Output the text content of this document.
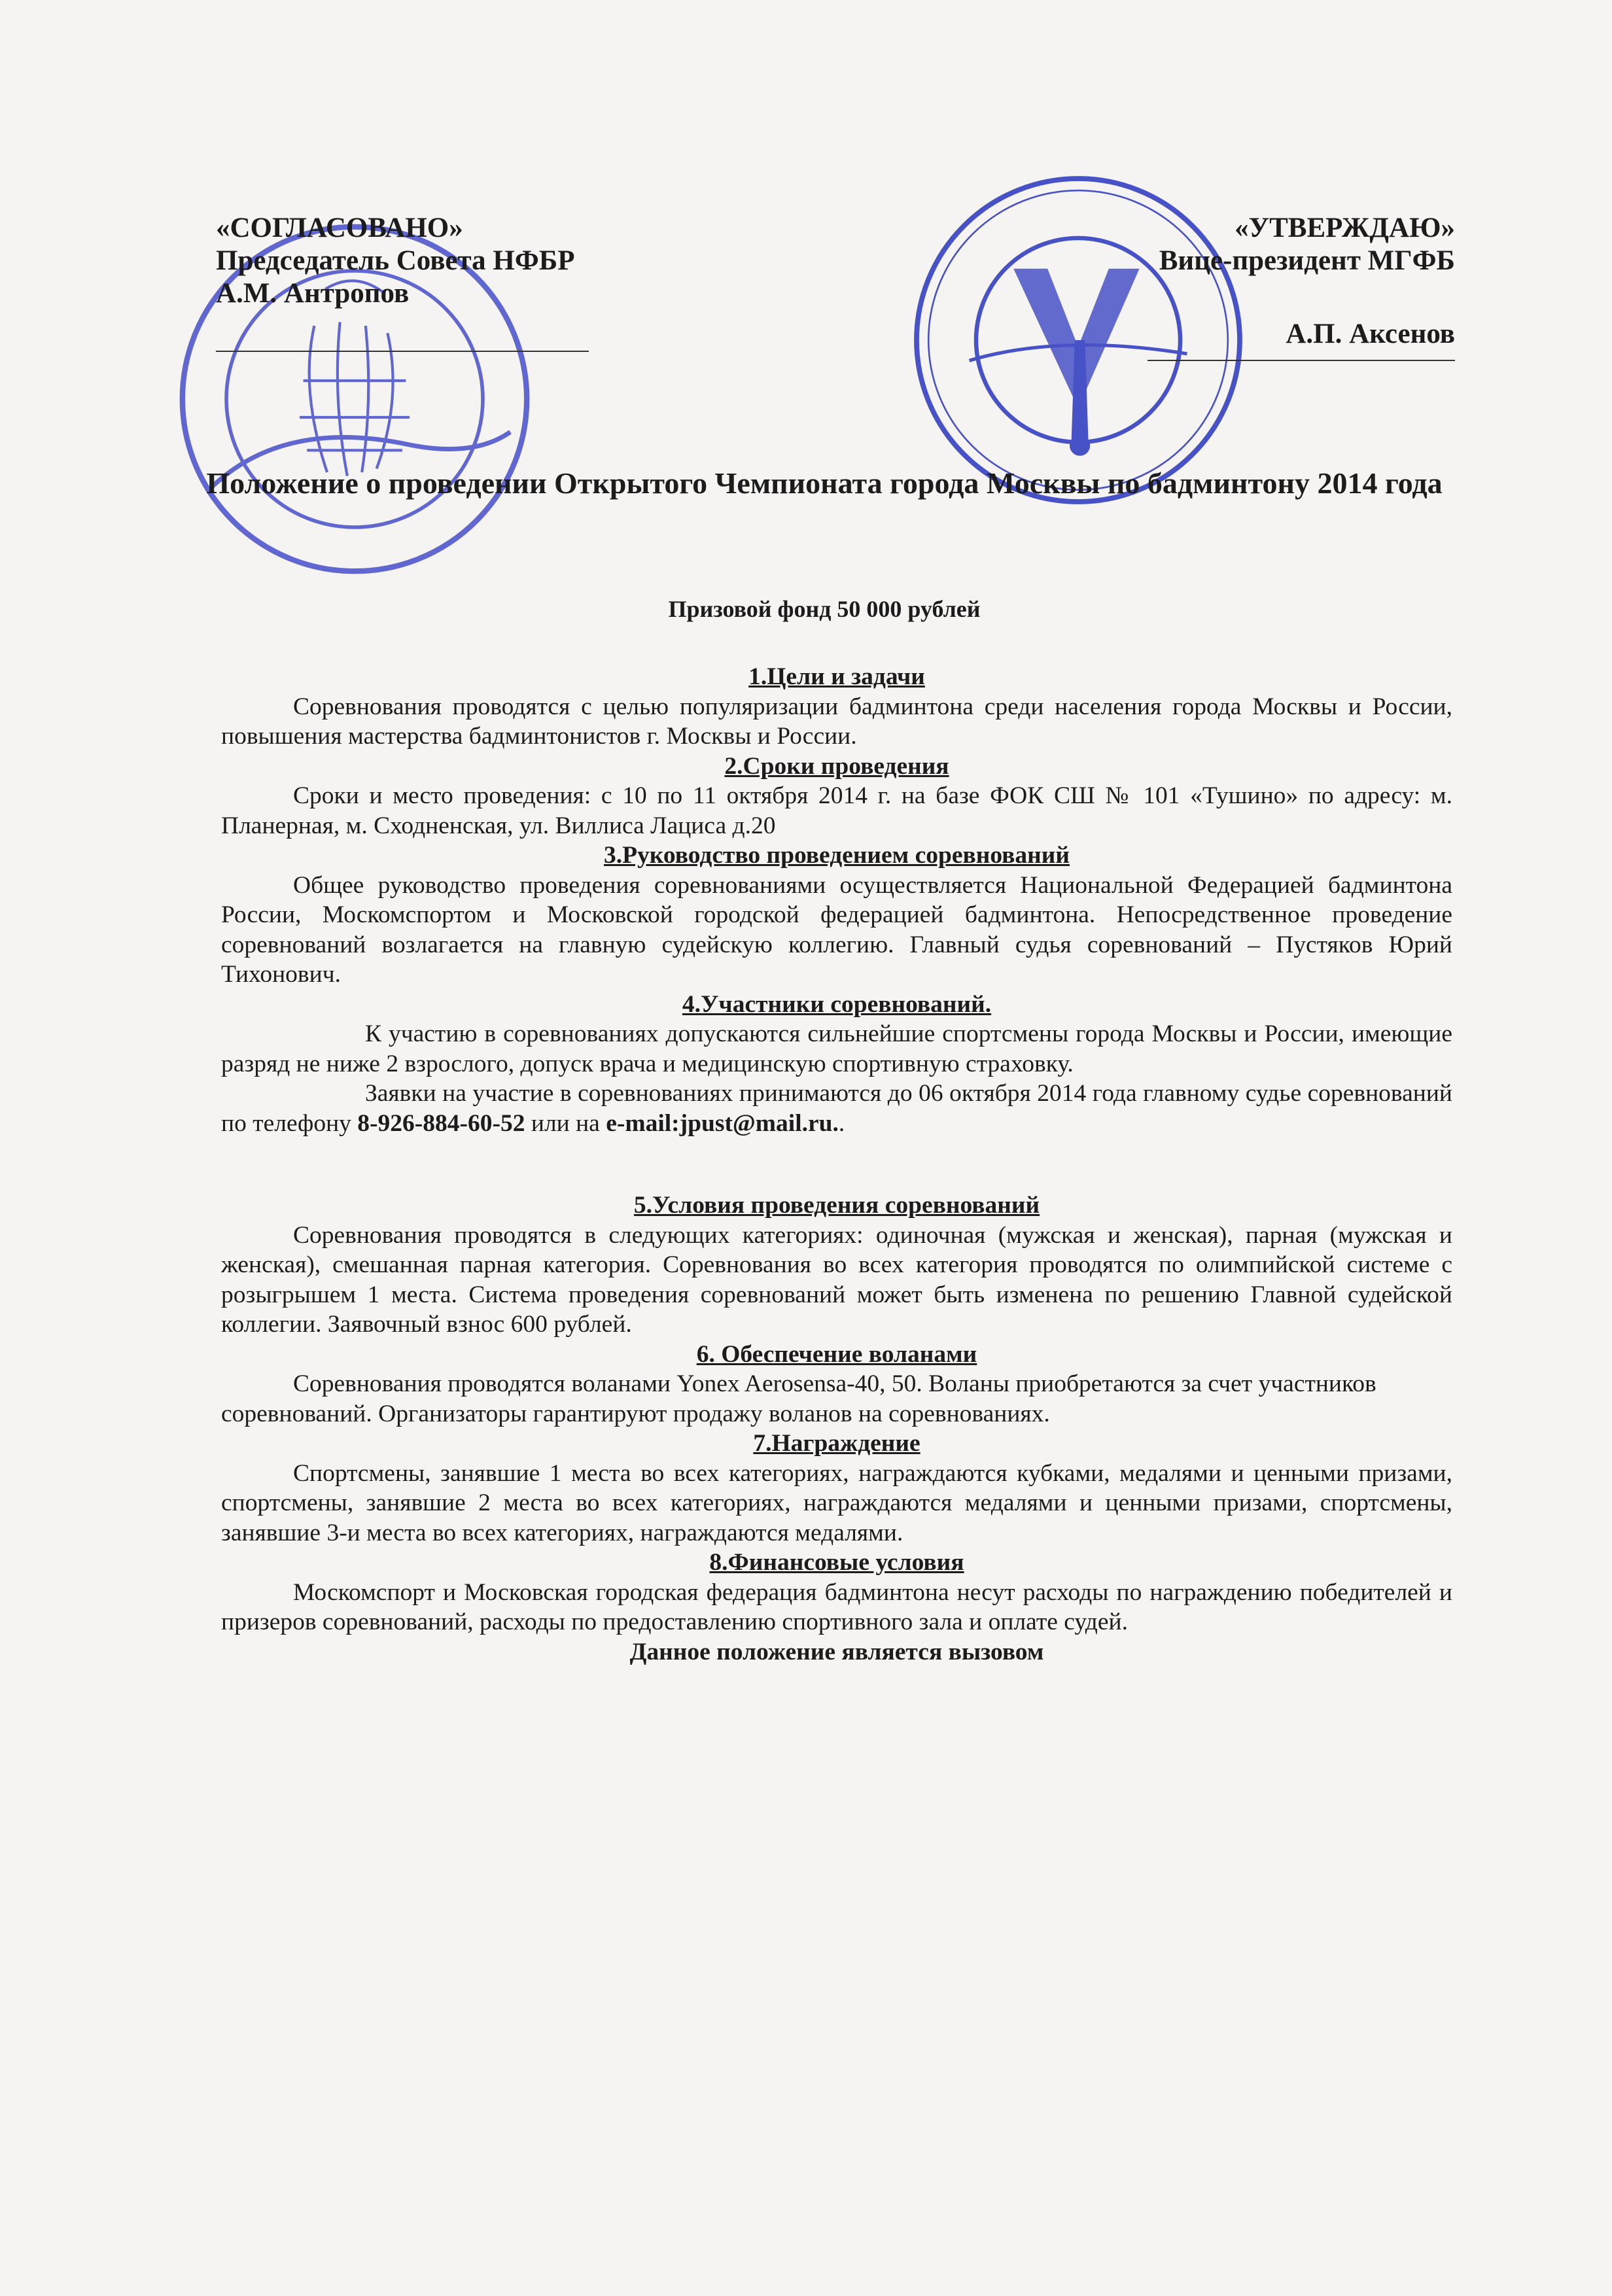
«СОГЛАСОВАНО»
Председатель Совета НФБР
А.М. Антропов
«УТВЕРЖДАЮ»
Вице-президент МГФБ
А.П. Аксенов
Положение о проведении Открытого Чемпионата города Москвы по бадминтону 2014 года
Призовой фонд 50 000 рублей

1.Цели и задачи

Соревнования проводятся с целью популяризации бадминтона среди населения города Москвы и России, повышения мастерства бадминтонистов г. Москвы и России.

2.Сроки проведения

Сроки и место проведения: с 10 по 11 октября 2014 г. на базе ФОК СШ № 101 «Тушино» по адресу: м. Планерная, м. Сходненская, ул. Виллиса Лациса д.20

3.Руководство проведением соревнований

Общее руководство проведения соревнованиями осуществляется Национальной Федерацией бадминтона России, Москомспортом и Московской городской федерацией бадминтона. Непосредственное проведение соревнований возлагается на главную судейскую коллегию. Главный судья соревнований – Пустяков Юрий Тихонович.

4.Участники соревнований.

К участию в соревнованиях допускаются сильнейшие спортсмены города Москвы и России, имеющие разряд не ниже 2 взрослого, допуск врача и медицинскую спортивную страховку.

Заявки на участие в соревнованиях принимаются до 06 октября 2014 года главному судье соревнований по телефону 8-926-884-60-52 или на e-mail:jpust@mail.ru..

5.Условия проведения соревнований

Соревнования проводятся в следующих категориях: одиночная (мужская и женская), парная (мужская и женская), смешанная парная категория. Соревнования во всех категория проводятся по олимпийской системе с розыгрышем 1 места. Система проведения соревнований может быть изменена по решению Главной судейской коллегии. Заявочный взнос 600 рублей.

6. Обеспечение воланами

Соревнования проводятся воланами Yonex Aerosensa-40, 50. Воланы приобретаются за счет участников соревнований. Организаторы гарантируют продажу воланов на соревнованиях.

7.Награждение

Спортсмены, занявшие 1 места во всех категориях, награждаются кубками, медалями и ценными призами, спортсмены, занявшие 2 места во всех категориях, награждаются медалями и ценными призами, спортсмены, занявшие 3-и места во всех категориях, награждаются медалями.

8.Финансовые условия

Москомспорт и Московская городская федерация бадминтона несут расходы по награждению победителей и призеров соревнований, расходы по предоставлению спортивного зала и оплате судей.

Данное положение является вызовом
